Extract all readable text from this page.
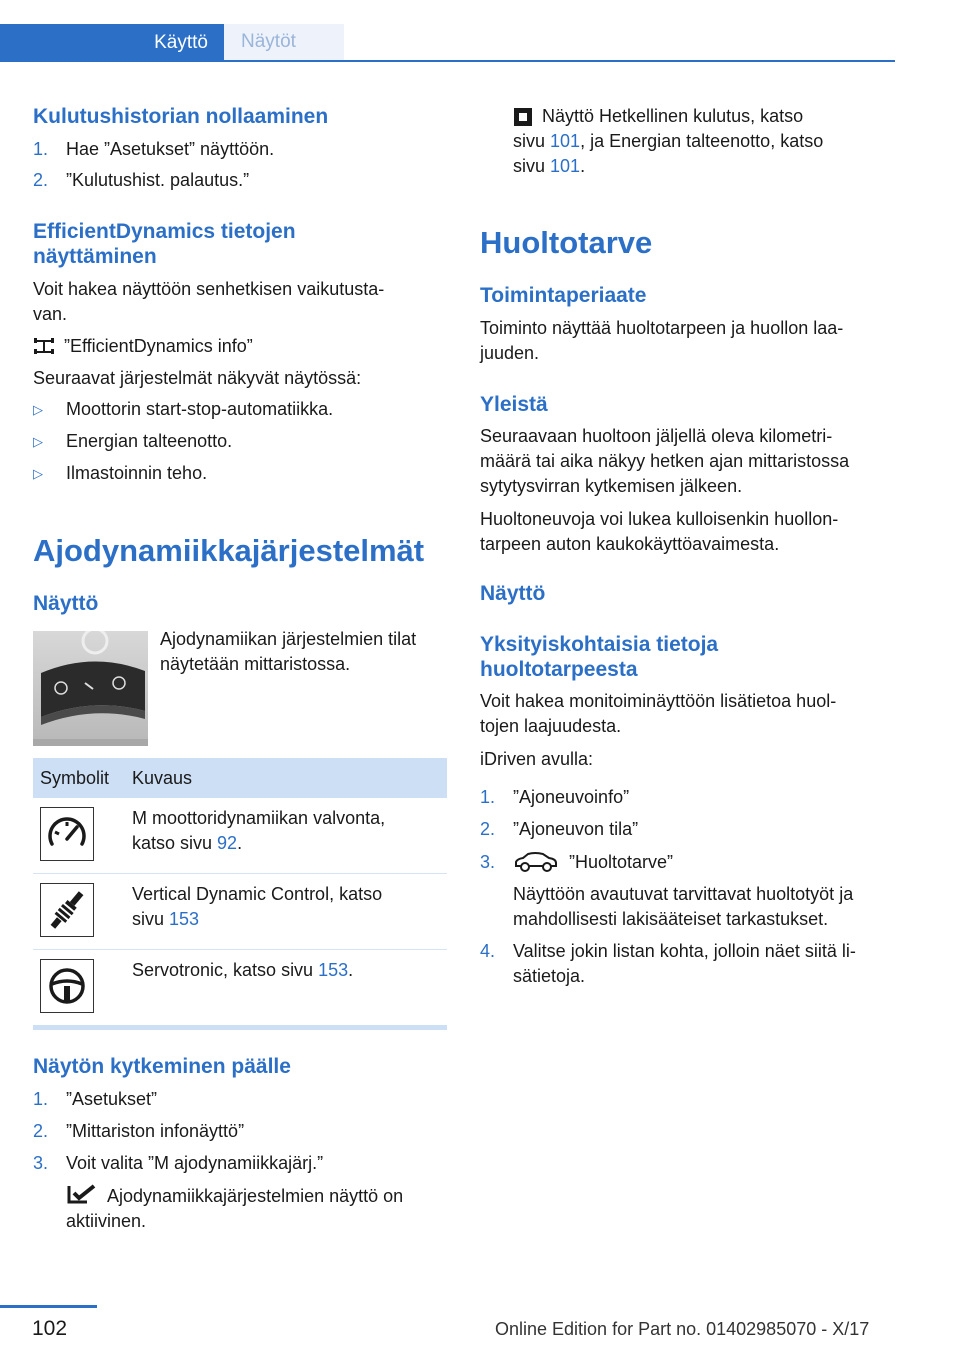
Käyttö	Näytöt
Kulutushistorian nollaaminen
1. Hae ”Asetukset” näyttöön.
2. ”Kulutushist. palautus.”
EfficientDynamics tietojen
näyttäminen
Voit hakea näyttöön senhetkisen vaikutusta‐
van.
”EfficientDynamics info”
Seuraavat järjestelmät näkyvät näytössä:
▷ Moottorin start-stop-automatiikka.
▷ Energian talteenotto.
▷ Ilmastoinnin teho.
Ajodynamiikkajärjestelmät
Näyttö
Ajodynamiikan järjestelmien tilat
näytetään mittaristossa.
Symbolit Kuvaus
M moottoridynamiikan valvonta,
katso sivu 92.
Vertical Dynamic Control, katso
sivu 153
Servotronic, katso sivu 153.
Näytön kytkeminen päälle
1. ”Asetukset”
2. ”Mittariston infonäyttö”
3. Voit valita ”M ajodynamiikkajärj.”
Ajodynamiikkajärjestelmien näyttö on
aktiivinen.
Näyttö Hetkellinen kulutus, katso
sivu 101, ja Energian talteenotto, katso
sivu 101.
Huoltotarve
Toimintaperiaate
Toiminto näyttää huoltotarpeen ja huollon laa‐
juuden.
Yleistä
Seuraavaan huoltoon jäljellä oleva kilometri‐
määrä tai aika näkyy hetken ajan mittaristossa
sytytysvirran kytkemisen jälkeen.
Huoltoneuvoja voi lukea kulloisenkin huollon‐
tarpeen auton kaukokäyttöavaimesta.
Näyttö
Yksityiskohtaisia tietoja
huoltotarpeesta
Voit hakea monitoiminäyttöön lisätietoa huol‐
tojen laajuudesta.
iDriven avulla:
1. ”Ajoneuvoinfo”
2. ”Ajoneuvon tila”
3.	”Huoltotarve”
Näyttöön avautuvat tarvittavat huoltotyöt ja
mahdollisesti lakisääteiset tarkastukset.
4. Valitse jokin listan kohta, jolloin näet siitä li‐
sätietoja.
102	Online Edition for Part no. 01402985070 - X/17
